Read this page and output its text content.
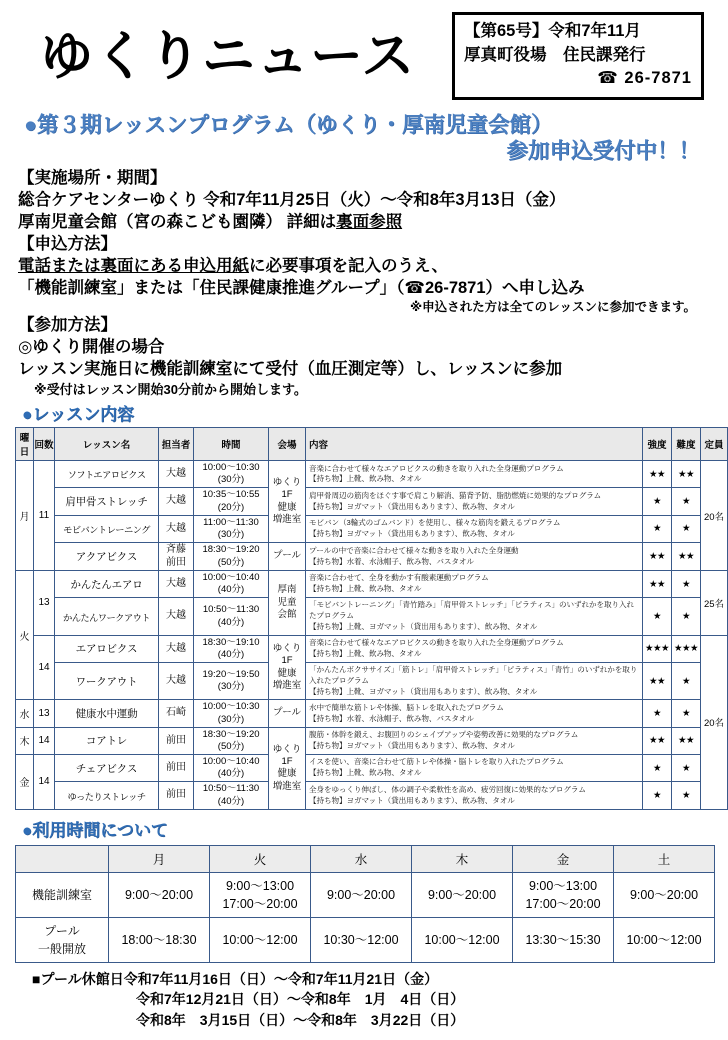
ゆくりニュース	【第65号】令和7年11月
厚真町役場　住民課発行
☎ 26-7871
●第３期レッスンプログラム（ゆくり・厚南児童会館）
参加申込受付中！！
【実施場所・期間】
総合ケアセンターゆくり 令和7年11月25日（火）～令和8年3月13日（金）
厚南児童会館（宮の森こども園隣） 詳細は裏面参照
【申込方法】
電話または裏面にある申込用紙に必要事項を記入のうえ、
「機能訓練室」または「住民課健康推進グループ」（☎26-7871）へ申し込み
※申込された方は全てのレッスンに参加できます。
【参加方法】
◎ゆくり開催の場合
レッスン実施日に機能訓練室にて受付（血圧測定等）し、レッスンに参加
※受付はレッスン開始30分前から開始します。
●レッスン内容
曜日	回数	レッスン名	担当者	時間	会場	内容	強度	難度	定員
月	11	ソフトエアロビクス	大越	10:00～10:30
(30分)	ゆくり
1F
健康
増進室	音楽に合わせて様々なエアロビクスの動きを取り入れた全身運動プログラム
【持ち物】上靴、飲み物、タオル	★★	★★	20名
		肩甲骨ストレッチ	大越	10:35～10:55
(20分)		肩甲骨周辺の筋肉をほぐす事で肩こり解消、猫背予防、脂肪燃焼に効果的なプログラム
【持ち物】ヨガマット（貸出用もあります）、飲み物、タオル	★	★	
		モビバントレーニング	大越	11:00～11:30
(30分)		モビバン（3輪式のゴムバンド）を使用し、様々な筋肉を鍛えるプログラム
【持ち物】ヨガマット（貸出用もあります）、飲み物、タオル	★	★	
		アクアビクス	斉藤
前田	18:30～19:20
(50分)	プール	プールの中で音楽に合わせて様々な動きを取り入れた全身運動
【持ち物】水着、水泳帽子、飲み物、バスタオル	★★	★★	
火	13	かんたんエアロ	大越	10:00～10:40
(40分)	厚南
児童
会館	音楽に合わせて、全身を動かす有酸素運動プログラム
【持ち物】上靴、飲み物、タオル	★★	★	25名
		かんたんワークアウト	大越	10:50～11:30
(40分)		「モビバントレーニング」「青竹踏み」「肩甲骨ストレッチ」「ピラティス」のいずれかを取り入れたプログラム
【持ち物】上靴、ヨガマット（貸出用もあります）、飲み物、タオル	★	★	
	14	エアロビクス	大越	18:30～19:10
(40分)	ゆくり
1F
健康
増進室	音楽に合わせて様々なエアロビクスの動きを取り入れた全身運動プログラム
【持ち物】上靴、飲み物、タオル	★★★	★★★	20名
		ワークアウト	大越	19:20～19:50
(30分)		「かんたんボクササイズ」「筋トレ」「肩甲骨ストレッチ」「ピラティス」「青竹」のいずれかを取り入れたプログラム
【持ち物】上靴、ヨガマット（貸出用もあります）、飲み物、タオル	★★	★	
水	13	健康水中運動	石崎	10:00～10:30
(30分)	プール	水中で簡単な筋トレや体操、脳トレを取入れたプログラム
【持ち物】水着、水泳帽子、飲み物、バスタオル	★	★	
木	14	コアトレ	前田	18:30～19:20
(50分)	ゆくり
1F
健康
増進室	腹筋・体幹を鍛え、お腹回りのシェイプアップや姿勢改善に効果的なプログラム
【持ち物】ヨガマット（貸出用もあります）、飲み物、タオル	★★	★★	
金	14	チェアビクス	前田	10:00～10:40
(40分)		イスを使い、音楽に合わせて筋トレや体操・脳トレを取り入れたプログラム
【持ち物】上靴、飲み物、タオル	★	★	
		ゆったりストレッチ	前田	10:50～11:30
(40分)		全身をゆっくり伸ばし、体の調子や柔軟性を高め、疲労回復に効果的なプログラム
【持ち物】ヨガマット（貸出用もあります）、飲み物、タオル	★	★	
●利用時間について
	月	火	水	木	金	土
機能訓練室	9:00～20:00	9:00～13:00
17:00～20:00	9:00～20:00	9:00～20:00	9:00～13:00
17:00～20:00	9:00～20:00
プール
一般開放	18:00～18:30	10:00～12:00	10:30～12:00	10:00～12:00	13:30～15:30	10:00～12:00
■プール休館日令和7年11月16日（日）～令和7年11月21日（金）
令和7年12月21日（日）～令和8年　1月　4日（日）
令和8年　3月15日（日）～令和8年　3月22日（日）
